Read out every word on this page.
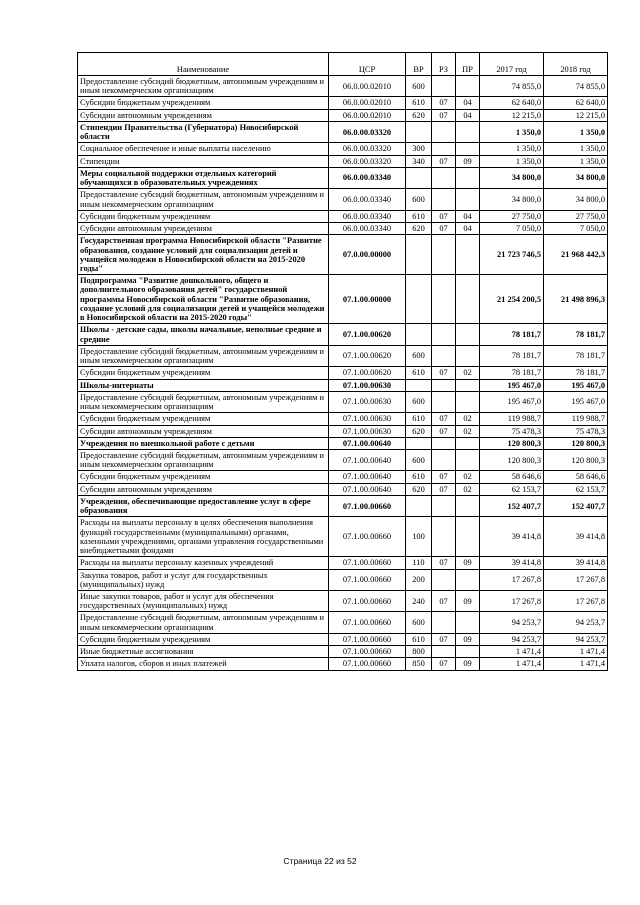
Наименование	ЦСР	ВР	РЗ	ПР	2017 год	2018 год
Предоставление субсидий бюджетным, автономным учреждениям и иным некоммерческим организациям	06.0.00.02010	600			74 855,0	74 855,0
Субсидии бюджетным учреждениям	06.0.00.02010	610	07	04	62 640,0	62 640,0
Субсидии автономным учреждениям	06.0.00.02010	620	07	04	12 215,0	12 215,0
Стипендии Правительства (Губернатора) Новосибирской области	06.0.00.03320				1 350,0	1 350,0
Социальное обеспечение и иные выплаты населению	06.0.00.03320	300			1 350,0	1 350,0
Стипендии	06.0.00.03320	340	07	09	1 350,0	1 350,0
Меры социальной поддержки отдельных категорий обучающихся в образовательных учреждениях	06.0.00.03340				34 800,0	34 800,0
Предоставление субсидий бюджетным, автономным учреждениям и иным некоммерческим организациям	06.0.00.03340	600			34 800,0	34 800,0
Субсидии бюджетным учреждениям	06.0.00.03340	610	07	04	27 750,0	27 750,0
Субсидии автономным учреждениям	06.0.00.03340	620	07	04	7 050,0	7 050,0
Государственная программа Новосибирской области "Развитие образования, создание условий для социализации детей и учащейся молодежи в Новосибирской области на 2015-2020 годы"	07.0.00.00000				21 723 746,5	21 968 442,3
Подпрограмма "Развитие дошкольного, общего и дополнительного образования детей" государственной программы Новосибирской области "Развитие образования, создание условий для социализации детей и учащейся молодежи в Новосибирской области на 2015-2020 годы"	07.1.00.00000				21 254 200,5	21 498 896,3
Школы - детские сады, школы начальные, неполные средние и средние	07.1.00.00620				78 181,7	78 181,7
Предоставление субсидий бюджетным, автономным учреждениям и иным некоммерческим организациям	07.1.00.00620	600			78 181,7	78 181,7
Субсидии бюджетным учреждениям	07.1.00.00620	610	07	02	78 181,7	78 181,7
Школы-интернаты	07.1.00.00630				195 467,0	195 467,0
Предоставление субсидий бюджетным, автономным учреждениям и иным некоммерческим организациям	07.1.00.00630	600			195 467,0	195 467,0
Субсидии бюджетным учреждениям	07.1.00.00630	610	07	02	119 988,7	119 988,7
Субсидии автономным учреждениям	07.1.00.00630	620	07	02	75 478,3	75 478,3
Учреждения по внешкольной работе с детьми	07.1.00.00640				120 800,3	120 800,3
Предоставление субсидий бюджетным, автономным учреждениям и иным некоммерческим организациям	07.1.00.00640	600			120 800,3	120 800,3
Субсидии бюджетным учреждениям	07.1.00.00640	610	07	02	58 646,6	58 646,6
Субсидии автономным учреждениям	07.1.00.00640	620	07	02	62 153,7	62 153,7
Учреждения, обеспечивающие предоставление услуг в сфере образования	07.1.00.00660				152 407,7	152 407,7
Расходы на выплаты персоналу в целях обеспечения выполнения функций государственными (муниципальными) органами, казенными учреждениями, органами управления государственными внебюджетными фондами	07.1.00.00660	100			39 414,8	39 414,8
Расходы на выплаты персоналу казенных учреждений	07.1.00.00660	110	07	09	39 414,8	39 414,8
Закупка товаров, работ и услуг для государственных (муниципальных) нужд	07.1.00.00660	200			17 267,8	17 267,8
Иные закупки товаров, работ и услуг для обеспечения государственных (муниципальных) нужд	07.1.00.00660	240	07	09	17 267,8	17 267,8
Предоставление субсидий бюджетным, автономным учреждениям и иным некоммерческим организациям	07.1.00.00660	600			94 253,7	94 253,7
Субсидии бюджетным учреждениям	07.1.00.00660	610	07	09	94 253,7	94 253,7
Иные бюджетные ассигнования	07.1.00.00660	800			1 471,4	1 471,4
Уплата налогов, сборов и иных платежей	07.1.00.00660	850	07	09	1 471,4	1 471,4
Страница 22 из 52
